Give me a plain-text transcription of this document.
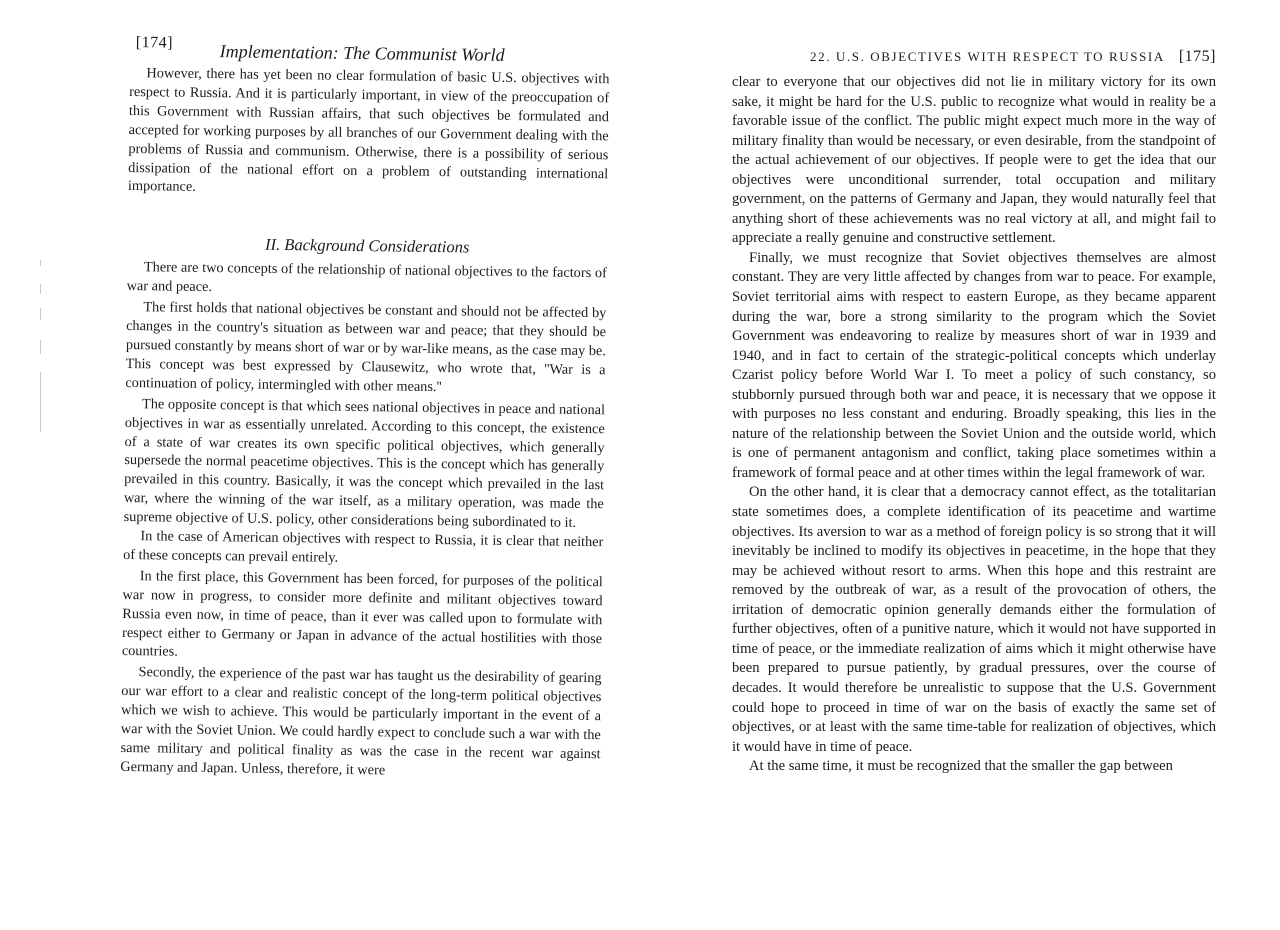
[174]	Implementation: The Communist World

However, there has yet been no clear formulation of basic U.S. objectives with respect to Russia. And it is particularly important, in view of the preoccupation of this Government with Russian affairs, that such objectives be formulated and accepted for working purposes by all branches of our Government dealing with the problems of Russia and communism. Otherwise, there is a possibility of serious dissipation of the national effort on a problem of outstanding international importance.

II. Background Considerations

There are two concepts of the relationship of national objectives to the factors of war and peace.

The first holds that national objectives be constant and should not be affected by changes in the country's situation as between war and peace; that they should be pursued constantly by means short of war or by war-like means, as the case may be. This concept was best expressed by Clausewitz, who wrote that, ''War is a continuation of policy, intermingled with other means.''

The opposite concept is that which sees national objectives in peace and national objectives in war as essentially unrelated. According to this concept, the existence of a state of war creates its own specific political objectives, which generally supersede the normal peacetime objectives. This is the concept which has generally prevailed in this country. Basically, it was the concept which prevailed in the last war, where the winning of the war itself, as a military operation, was made the supreme objective of U.S. policy, other considerations being subordinated to it.

In the case of American objectives with respect to Russia, it is clear that neither of these concepts can prevail entirely.

In the first place, this Government has been forced, for purposes of the political war now in progress, to consider more definite and militant objectives toward Russia even now, in time of peace, than it ever was called upon to formulate with respect either to Germany or Japan in advance of the actual hostilities with those countries.

Secondly, the experience of the past war has taught us the desirability of gearing our war effort to a clear and realistic concept of the long-term political objectives which we wish to achieve. This would be particularly important in the event of a war with the Soviet Union. We could hardly expect to conclude such a war with the same military and political finality as was the case in the recent war against Germany and Japan. Unless, therefore, it were

22. U.S. OBJECTIVES WITH RESPECT TO RUSSIA [175]

clear to everyone that our objectives did not lie in military victory for its own sake, it might be hard for the U.S. public to recognize what would in reality be a favorable issue of the conflict. The public might expect much more in the way of military finality than would be necessary, or even desirable, from the standpoint of the actual achievement of our objectives. If people were to get the idea that our objectives were unconditional surrender, total occupation and military government, on the patterns of Germany and Japan, they would naturally feel that anything short of these achievements was no real victory at all, and might fail to appreciate a really genuine and constructive settlement.

Finally, we must recognize that Soviet objectives themselves are almost constant. They are very little affected by changes from war to peace. For example, Soviet territorial aims with respect to eastern Europe, as they became apparent during the war, bore a strong similarity to the program which the Soviet Government was endeavoring to realize by measures short of war in 1939 and 1940, and in fact to certain of the strategic-political concepts which underlay Czarist policy before World War I. To meet a policy of such constancy, so stubbornly pursued through both war and peace, it is necessary that we oppose it with purposes no less constant and enduring. Broadly speaking, this lies in the nature of the relationship between the Soviet Union and the outside world, which is one of permanent antagonism and conflict, taking place sometimes within a framework of formal peace and at other times within the legal framework of war.

On the other hand, it is clear that a democracy cannot effect, as the totalitarian state sometimes does, a complete identification of its peacetime and wartime objectives. Its aversion to war as a method of foreign policy is so strong that it will inevitably be inclined to modify its objectives in peacetime, in the hope that they may be achieved without resort to arms. When this hope and this restraint are removed by the outbreak of war, as a result of the provocation of others, the irritation of democratic opinion generally demands either the formulation of further objectives, often of a punitive nature, which it would not have supported in time of peace, or the immediate realization of aims which it might otherwise have been prepared to pursue patiently, by gradual pressures, over the course of decades. It would therefore be unrealistic to suppose that the U.S. Government could hope to proceed in time of war on the basis of exactly the same set of objectives, or at least with the same time-table for realization of objectives, which it would have in time of peace.

At the same time, it must be recognized that the smaller the gap between
